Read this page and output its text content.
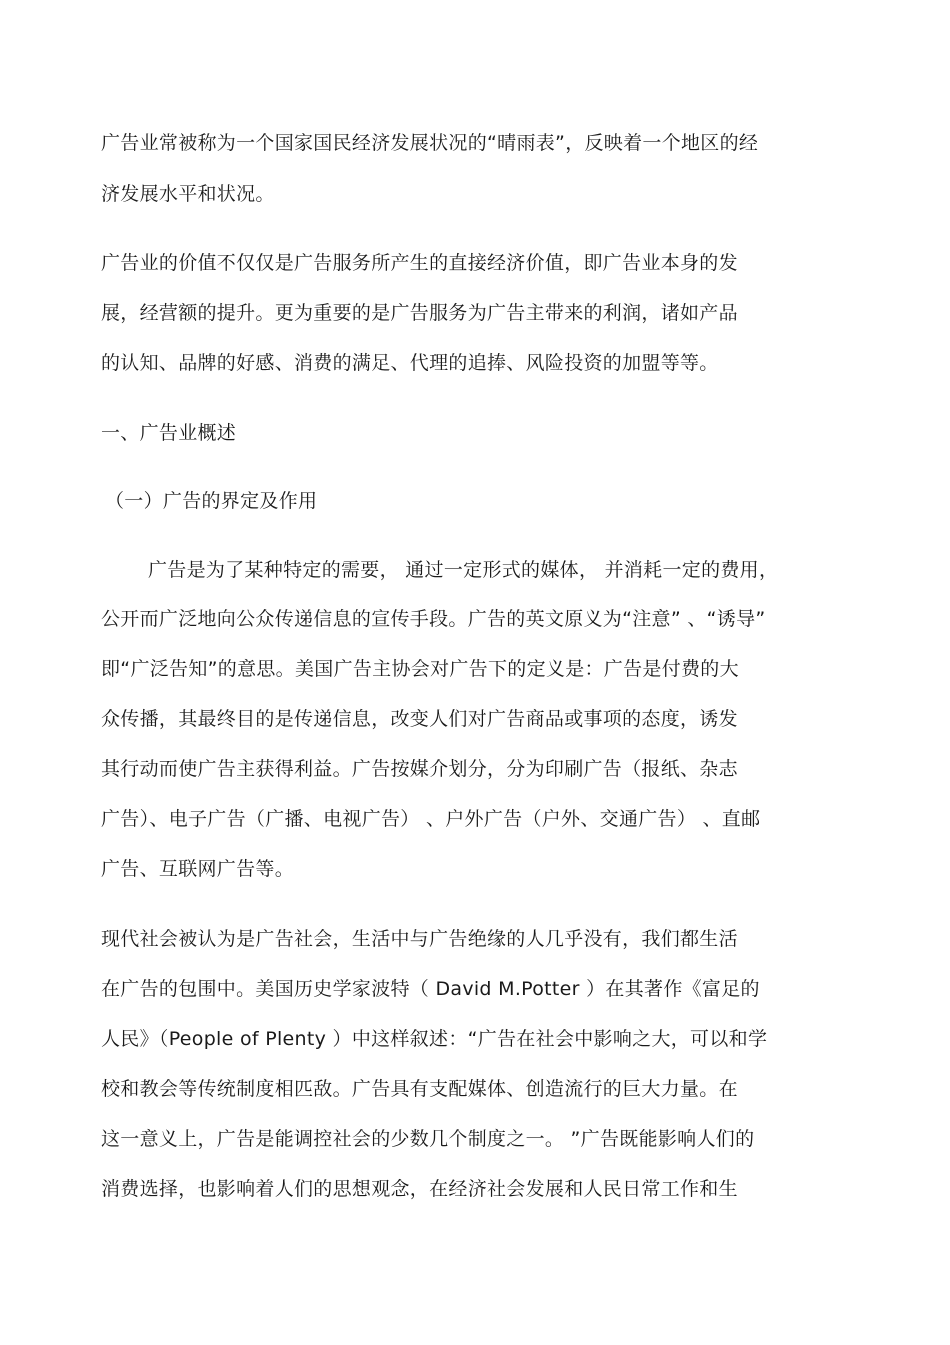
广告业常被称为一个国家国民经济发展状况的“晴雨表”，反映着一个地区的经
济发展水平和状况。
广告业的价值不仅仅是广告服务所产生的直接经济价值，即广告业本身的发
展，经营额的提升。更为重要的是广告服务为广告主带来的利润，诸如产品
的认知、品牌的好感、消费的满足、代理的追捧、风险投资的加盟等等。
一、广告业概述
（一）广告的界定及作用
广告是为了某种特定的需要， 通过一定形式的媒体， 并消耗一定的费用，
公开而广泛地向公众传递信息的宣传手段。广告的英文原义为“注意” 、“诱导”
即“广泛告知”的意思。美国广告主协会对广告下的定义是：广告是付费的大
众传播，其最终目的是传递信息，改变人们对广告商品或事项的态度，诱发
其行动而使广告主获得利益。广告按媒介划分，分为印刷广告（报纸、杂志
广告）、电子广告（广播、电视广告） 、户外广告（户外、交通广告） 、直邮
广告、互联网广告等。
现代社会被认为是广告社会，生活中与广告绝缘的人几乎没有，我们都生活
在广告的包围中。美国历史学家波特（ David M.Potter ）在其著作《富足的
人民》（People of Plenty ）中这样叙述：“广告在社会中影响之大，可以和学
校和教会等传统制度相匹敌。广告具有支配媒体、创造流行的巨大力量。在
这一意义上，广告是能调控社会的少数几个制度之一。 ”广告既能影响人们的
消费选择，也影响着人们的思想观念，在经济社会发展和人民日常工作和生
